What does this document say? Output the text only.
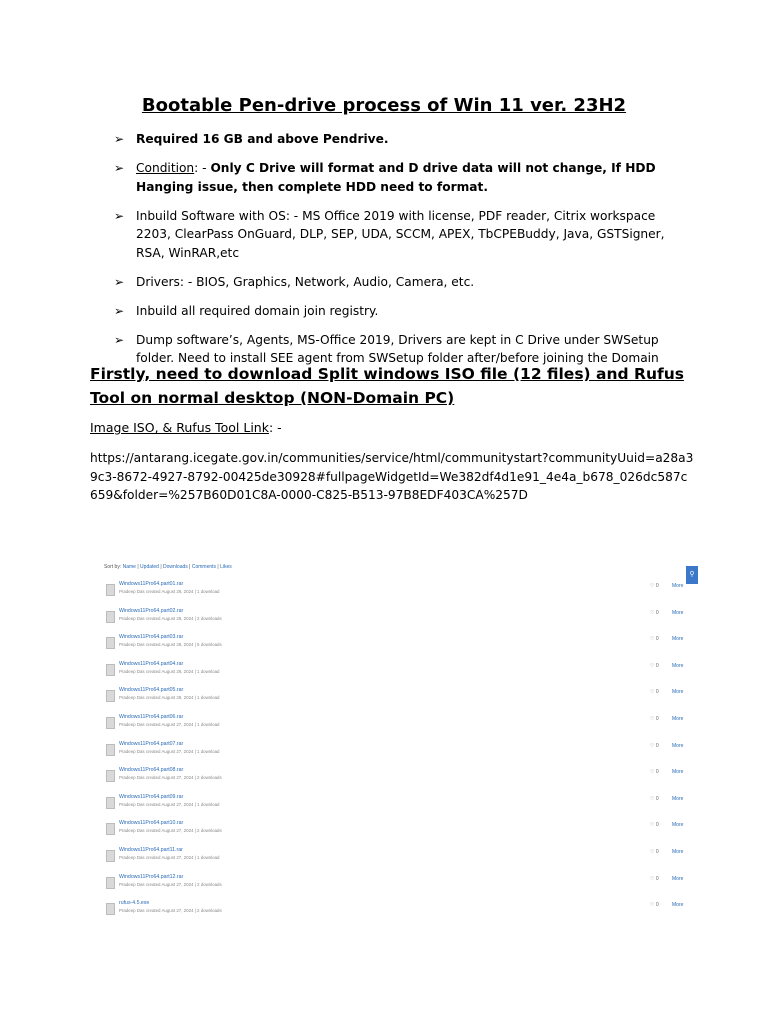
Bootable Pen-drive process of Win 11 ver. 23H2
➢ Required 16 GB and above Pendrive.
➢ Condition: - Only C Drive will format and D drive data will not change, If HDD Hanging issue, then complete HDD need to format.
➢ Inbuild Software with OS: - MS Office 2019 with license, PDF reader, Citrix workspace 2203, ClearPass OnGuard, DLP, SEP, UDA, SCCM, APEX, TbCPEBuddy, Java, GSTSigner, RSA, WinRAR,etc
➢ Drivers: - BIOS, Graphics, Network, Audio, Camera, etc.
➢ Inbuild all required domain join registry.
➢ Dump software’s, Agents, MS-Office 2019, Drivers are kept in C Drive under SWSetup folder. Need to install SEE agent from SWSetup folder after/before joining the Domain
Firstly, need to download Split windows ISO file (12 files) and Rufus Tool on normal desktop (NON-Domain PC)
Image ISO, & Rufus Tool Link: -
https://antarang.icegate.gov.in/communities/service/html/communitystart?communityUuid=a28a39c3-8672-4927-8792-00425de30928#fullpageWidgetId=We382df4d1e91_4e4a_b678_026dc587c659&folder=%257B60D01C8A-0000-C825-B513-97B8EDF403CA%257D
Sort by: Name | Updated | Downloads | Comments | Likes
⚲
Windows11Pro64.part01.rar
Pradeep Das created August 28, 2024 | 1 download
♡ 0	More
Windows11Pro64.part02.rar
Pradeep Das created August 28, 2024 | 2 downloads
♡ 0	More
Windows11Pro64.part03.rar
Pradeep Das created August 28, 2024 | 5 downloads
♡ 0	More
Windows11Pro64.part04.rar
Pradeep Das created August 28, 2024 | 1 download
♡ 0	More
Windows11Pro64.part05.rar
Pradeep Das created August 28, 2024 | 1 download
♡ 0	More
Windows11Pro64.part06.rar
Pradeep Das created August 27, 2024 | 1 download
♡ 0	More
Windows11Pro64.part07.rar
Pradeep Das created August 27, 2024 | 1 download
♡ 0	More
Windows11Pro64.part08.rar
Pradeep Das created August 27, 2024 | 2 downloads
♡ 0	More
Windows11Pro64.part09.rar
Pradeep Das created August 27, 2024 | 1 download
♡ 0	More
Windows11Pro64.part10.rar
Pradeep Das created August 27, 2024 | 2 downloads
♡ 0	More
Windows11Pro64.part11.rar
Pradeep Das created August 27, 2024 | 1 download
♡ 0	More
Windows11Pro64.part12.rar
Pradeep Das created August 27, 2024 | 2 downloads
♡ 0	More
rufus-4.5.exe
Pradeep Das created August 27, 2024 | 2 downloads
♡ 0	More
